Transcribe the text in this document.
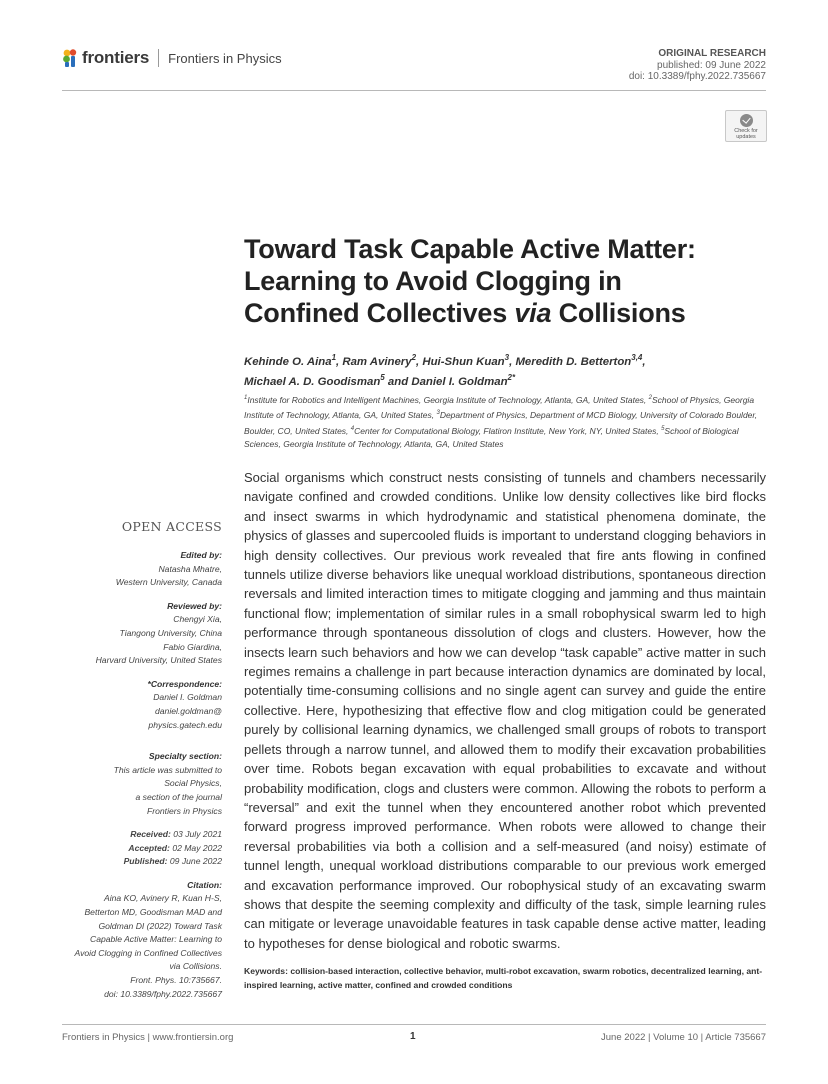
frontiers Frontiers in Physics	ORIGINAL RESEARCH
published: 09 June 2022
doi: 10.3389/fphy.2022.735667
Check for
updates
Toward Task Capable Active Matter:
Learning to Avoid Clogging in
Confined Collectives via Collisions
Kehinde O. Aina$^1$, Ram Avinery$^2$, Hui-Shun Kuan$^3$, Meredith D. Betterton$^{3,4}$,
Michael A. D. Goodisman$^5$ and Daniel I. Goldman$^{2*}$
$^1$Institute for Robotics and Intelligent Machines, Georgia Institute of Technology, Atlanta, GA, United States, $^2$School of Physics, Georgia Institute of Technology, Atlanta, GA, United States, $^3$Department of Physics, Department of MCD Biology, University of Colorado Boulder, Boulder, CO, United States, $^4$Center for Computational Biology, Flatiron Institute, New York, NY, United States, $^5$School of Biological Sciences, Georgia Institute of Technology, Atlanta, GA, United States
Social organisms which construct nests consisting of tunnels and chambers necessarily navigate confined and crowded conditions. Unlike low density collectives like bird flocks and insect swarms in which hydrodynamic and statistical phenomena dominate, the physics of glasses and supercooled fluids is important to understand clogging behaviors in high density collectives. Our previous work revealed that fire ants flowing in confined tunnels utilize diverse behaviors like unequal workload distributions, spontaneous direction reversals and limited interaction times to mitigate clogging and jamming and thus maintain functional flow; implementation of similar rules in a small robophysical swarm led to high performance through spontaneous dissolution of clogs and clusters. However, how the insects learn such behaviors and how we can develop “task capable” active matter in such regimes remains a challenge in part because interaction dynamics are dominated by local, potentially time-consuming collisions and no single agent can survey and guide the entire collective. Here, hypothesizing that effective flow and clog mitigation could be generated purely by collisional learning dynamics, we challenged small groups of robots to transport pellets through a narrow tunnel, and allowed them to modify their excavation probabilities over time. Robots began excavation with equal probabilities to excavate and without probability modification, clogs and clusters were common. Allowing the robots to perform a “reversal” and exit the tunnel when they encountered another robot which prevented forward progress improved performance. When robots were allowed to change their reversal probabilities via both a collision and a self-measured (and noisy) estimate of tunnel length, unequal workload distributions comparable to our previous work emerged and excavation performance improved. Our robophysical study of an excavating swarm shows that despite the seeming complexity and difficulty of the task, simple learning rules can mitigate or leverage unavoidable features in task capable dense active matter, leading to hypotheses for dense biological and robotic swarms.
Keywords: collision-based interaction, collective behavior, multi-robot excavation, swarm robotics, decentralized learning, ant-inspired learning, active matter, confined and crowded conditions
OPEN ACCESS
Edited by:
Natasha Mhatre,
Western University, Canada
Reviewed by:
Chengyi Xia,
Tiangong University, China
Fabio Giardina,
Harvard University, United States
*Correspondence:
Daniel I. Goldman
daniel.goldman@
physics.gatech.edu
Specialty section:
This article was submitted to
Social Physics,
a section of the journal
Frontiers in Physics
Received: 03 July 2021
Accepted: 02 May 2022
Published: 09 June 2022
Citation:
Aina KO, Avinery R, Kuan H-S,
Betterton MD, Goodisman MAD and
Goldman DI (2022) Toward Task
Capable Active Matter: Learning to
Avoid Clogging in Confined Collectives
via Collisions.
Front. Phys. 10:735667.
doi: 10.3389/fphy.2022.735667
Frontiers in Physics | www.frontiersin.org	1	June 2022 | Volume 10 | Article 735667
